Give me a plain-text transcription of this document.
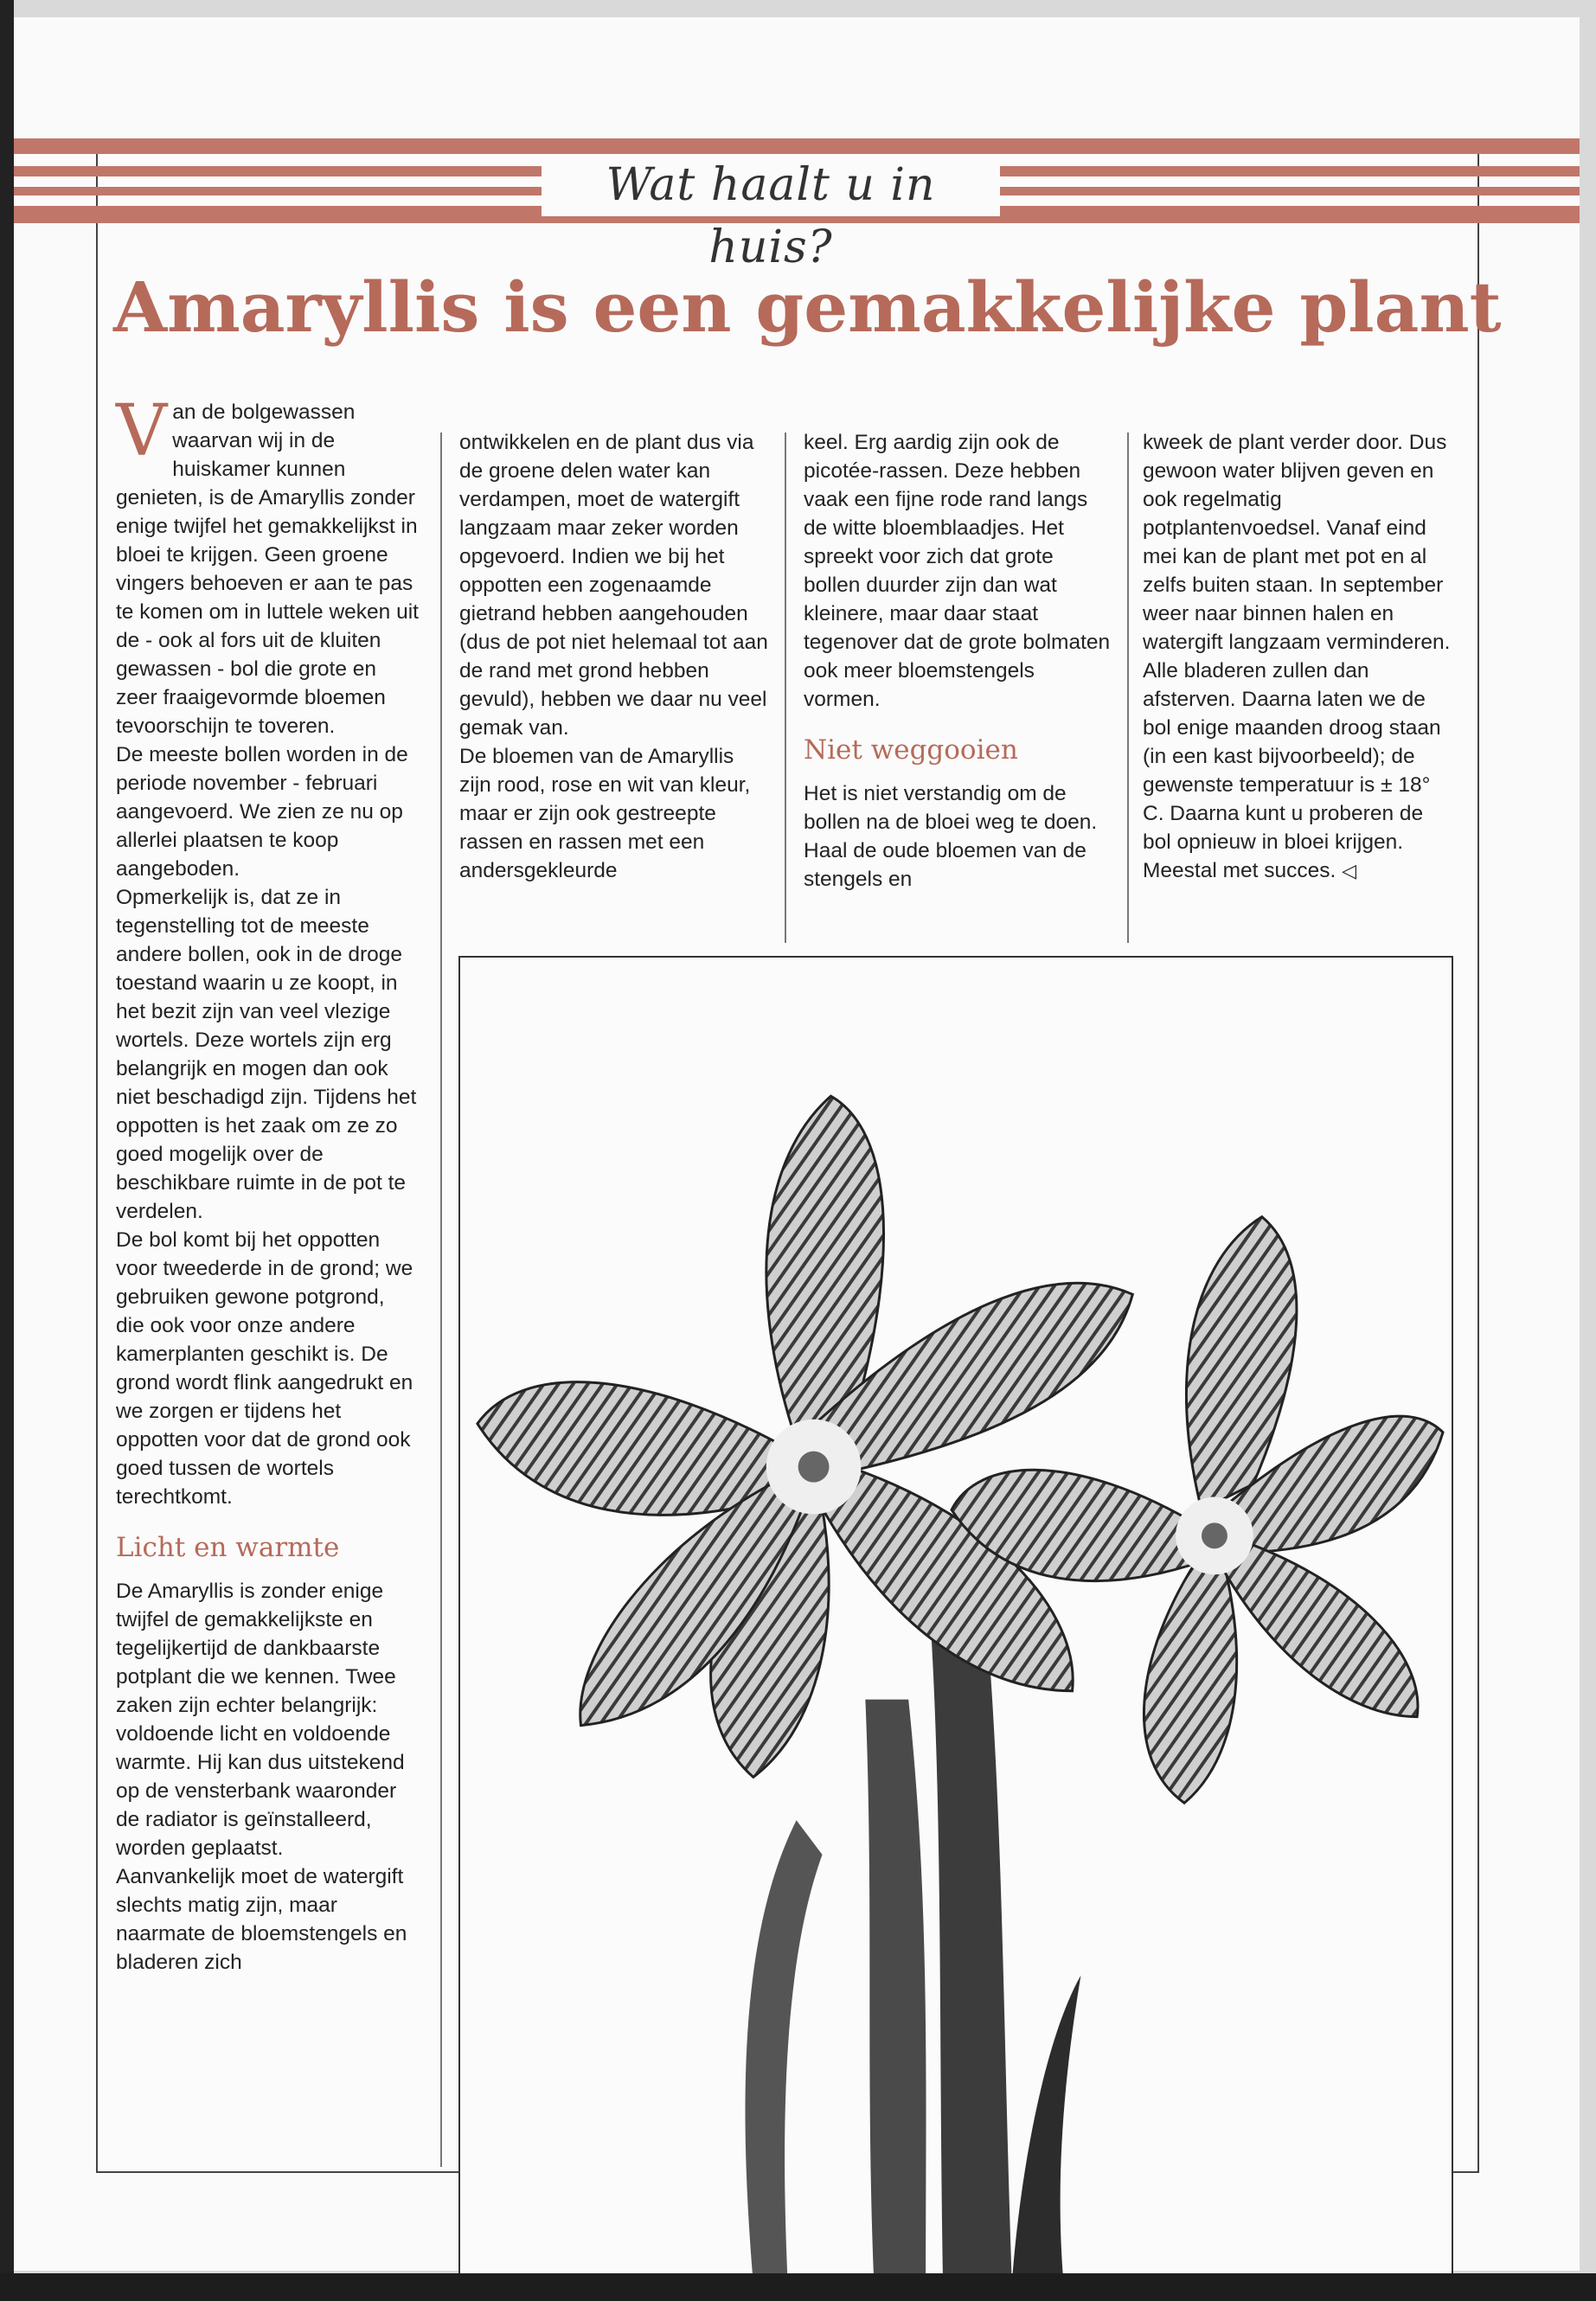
Wat haalt u in huis?
Amaryllis is een gemakkelijke plant

Van de bolgewassen waarvan wij in de huiskamer kunnen genieten, is de Amaryllis zonder enige twijfel het gemakkelijkst in bloei te krijgen. Geen groene vingers behoeven er aan te pas te komen om in luttele weken uit de - ook al fors uit de kluiten gewassen - bol die grote en zeer fraaigevormde bloemen tevoorschijn te toveren.

De meeste bollen worden in de periode november - februari aangevoerd. We zien ze nu op allerlei plaatsen te koop aangeboden.

Opmerkelijk is, dat ze in tegenstelling tot de meeste andere bollen, ook in de droge toestand waarin u ze koopt, in het bezit zijn van veel vlezige wortels. Deze wortels zijn erg belangrijk en mogen dan ook niet beschadigd zijn. Tijdens het oppotten is het zaak om ze zo goed mogelijk over de beschikbare ruimte in de pot te verdelen.

De bol komt bij het oppotten voor tweederde in de grond; we gebruiken gewone potgrond, die ook voor onze andere kamerplanten geschikt is. De grond wordt flink aangedrukt en we zorgen er tijdens het oppotten voor dat de grond ook goed tussen de wortels terechtkomt.

Licht en warmte

De Amaryllis is zonder enige twijfel de gemakkelijkste en tegelijkertijd de dankbaarste potplant die we kennen. Twee zaken zijn echter belangrijk: voldoende licht en voldoende warmte. Hij kan dus uitstekend op de vensterbank waaronder de radiator is geïnstalleerd, worden geplaatst.

Aanvankelijk moet de watergift slechts matig zijn, maar naarmate de bloemstengels en bladeren zich

ontwikkelen en de plant dus via de groene delen water kan verdampen, moet de watergift langzaam maar zeker worden opgevoerd. Indien we bij het oppotten een zogenaamde gietrand hebben aangehouden (dus de pot niet helemaal tot aan de rand met grond hebben gevuld), hebben we daar nu veel gemak van.

De bloemen van de Amaryllis zijn rood, rose en wit van kleur, maar er zijn ook gestreepte rassen en rassen met een andersgekleurde

keel. Erg aardig zijn ook de picotée-rassen. Deze hebben vaak een fijne rode rand langs de witte bloemblaadjes. Het spreekt voor zich dat grote bollen duurder zijn dan wat kleinere, maar daar staat tegenover dat de grote bolmaten ook meer bloemstengels vormen.

Niet weggooien

Het is niet verstandig om de bollen na de bloei weg te doen. Haal de oude bloemen van de stengels en

kweek de plant verder door. Dus gewoon water blijven geven en ook regelmatig potplantenvoedsel. Vanaf eind mei kan de plant met pot en al zelfs buiten staan. In september weer naar binnen halen en watergift langzaam verminderen. Alle bladeren zullen dan afsterven. Daarna laten we de bol enige maanden droog staan (in een kast bijvoorbeeld); de gewenste temperatuur is ± 18° C. Daarna kunt u proberen de bol opnieuw in bloei krijgen. Meestal met succes. ◁
